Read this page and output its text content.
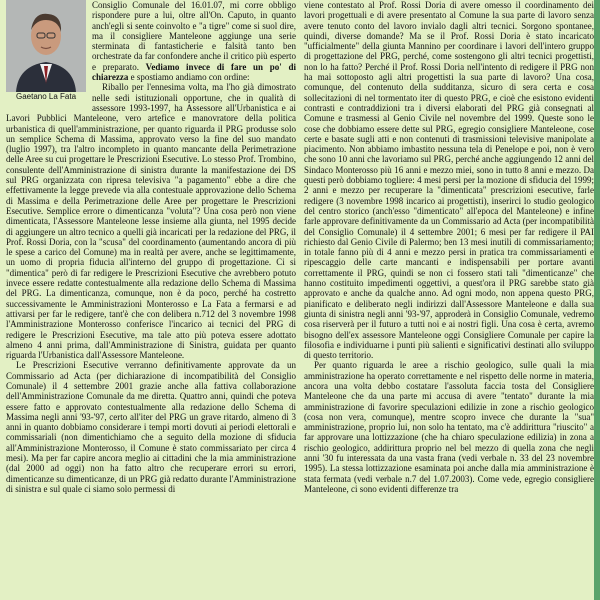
Gaetano La Fata

Consiglio Comunale del 16.01.07, mi corre obbligo rispondere pure a lui, oltre all'On. Caputo, in quanto anch'egli si sente coinvolto e "a tigre" come si suol dire, ma il consigliere Manteleone aggiunge una serie sterminata di fantasticherie e falsità tanto ben orchestrate da far confondere anche il critico più esperto e preparato. Vediamo invece di fare un po' di chiarezza e spostiamo andiamo con ordine:

Riballo per l'ennesima volta, ma l'ho già dimostrato nelle sedi istituzionali opportune, che in qualità di assessore 1993-1997, ha Assessore all'Urbanistica e ai Lavori Pubblici Manteleone, vero artefice e manovratore della politica urbanistica di quell'amministrazione, per quanto riguarda il PRG produsse solo un semplice Schema di Massima, approvato verso la fine del suo mandato (luglio 1997), tra l'altro incompleto in quanto mancante della Perimetrazione delle Aree su cui progettare le Prescrizioni Esecutive. Lo stesso Prof. Trombino, consulente dell'Amministrazione di sinistra durante la manifestazione dei DS sul PRG organizzata con ripresa televisiva "a pagamento" ebbe a dire che effettivamente la legge prevede via alla contestuale approvazione dello Schema di Massima e della Perimetrazione delle Aree per progettare le Prescrizioni Esecutive. Semplice errore o dimenticanza "voluta"? Una cosa però non viene dimenticata, l'Assessore Manteleone lesse insieme alla giunta, nel 1995 decide di aggiungere un altro tecnico a quelli già incaricati per la redazione del PRG, il Prof. Rossi Doria, con la "scusa" del coordinamento (aumentando ancora di più le spese a carico del Comune) ma in realtà per avere, anche se legittimamente, un uomo di propria fiducia all'interno del gruppo di progettazione. Ci si "dimentica" però di far redigere le Prescrizioni Esecutive che avrebbero potuto invece essere redatte contestualmente alla redazione dello Schema di Massima del PRG. La dimenticanza, comunque, non è da poco, perché ha costretto successivamente le Amministrazioni Monterosso e La Fata a fermarsi e ad attivarsi per far le redigere, tant'è che con delibera n.712 del 3 novembre 1998 l'Amministrazione Monterosso conferisce l'incarico ai tecnici del PRG di redigere le Prescrizioni Esecutive, ma tale atto più poteva essere adottato almeno 4 anni prima, dall'Amministrazione di Sinistra, guidata per quanto riguarda l'Urbanistica dall'Assessore Manteleone.

Le Prescrizioni Esecutive verranno definitivamente approvate da un Commissario ad Acta (per dichiarazione di incompatibilità del Consiglio Comunale) il 4 settembre 2001 grazie anche alla fattiva collaborazione dell'Amministrazione Comunale da me diretta. Quattro anni, quindi che poteva essere fatto e approvato contestualmente alla redazione dello Schema di Massima negli anni '93-'97, certo all'iter del PRG un grave ritardo, almeno di 3 anni in quanto dobbiamo considerare i tempi morti dovuti ai periodi elettorali e commissariali (non dimentichiamo che a seguito della mozione di sfiducia all'Amministrazione Monterosso, il Comune è stato commissariato per circa 4 mesi). Ma per far capire ancora meglio ai cittadini che la mia amministrazione (dal 2000 ad oggi) non ha fatto altro che recuperare errori su errori, dimenticanze su dimenticanze, di un PRG già redatto durante l'Amministrazione di sinistra e sul quale ci siamo solo permessi di

viene contestato al Prof. Rossi Doria di avere omesso il coordinamento dei lavori progettuali e di avere presentato al Comune la sua parte di lavoro senza avere tenuto conto del lavoro invialo dagli altri tecnici. Sorgono spontanee, quindi, diverse domande? Ma se il Prof. Rossi Doria è stato incaricato "ufficialmente" della giunta Mannino per coordinare i lavori dell'intero gruppo di progettazione del PRG, perché, come sostengono gli altri tecnici progettisti, non lo ha fatto? Perché il Prof. Rossi Doria nell'intento di redigere il PRG non ha mai sottoposto agli altri progettisti la sua parte di lavoro? Una cosa, comunque, del contenuto della sudditanza, sicuro di sera certa e cosa sollecitazioni di nel tormentato iter di questo PRG, e cioè che esistono evidenti contrasti e contraddizioni tra i diversi elaborati del PRG già consegnati al Comune e trasmessi al Genio Civile nel novembre del 1999. Queste sono le cose che dobbiamo essere dette sul PRG, egregio consigliere Manteleone, cose certe e basate sugli atti e non contenuti di trasmissioni televisive manipolate a piacimento. Non abbiamo imbastito nessuna tela di Penelope e poi, non è vero che sono 10 anni che lavoriamo sul PRG, perché anche aggiungendo 12 anni del Sindaco Monterosso più 16 anni e mezzo miei, sono in tutto 8 anni e mezzo. Da questi però dobbiamo togliere: 4 mesi persi per la mozione di sfiducia del 1999; 2 anni e mezzo per recuperare la "dimenticata" prescrizioni esecutive, farle redigere (3 novembre 1998 incarico ai progettisti), inserirci lo studio geologico del centro storico (anch'esso "dimenticato" all'epoca del Manteleone) e infine farle approvare definitivamente da un Commissario ad Acta (per incompatibilità del Consiglio Comunale) il 4 settembre 2001; 6 mesi per far redigere il PAI richiesto dal Genio Civile di Palermo; ben 13 mesi inutili di commissariamento; in totale fanno più di 4 anni e mezzo persi in pratica tra commissariamenti e ripescaggio delle carte mancanti e indispensabili per portare avanti correttamente il PRG, quindi se non ci fossero stati tali "dimenticanze" che hanno costituito impedimenti oggettivi, a quest'ora il PRG sarebbe stato già approvato e anche da qualche anno. Ad ogni modo, non appena questo PRG, pianificato e deliberato negli indirizzi dall'Assessore Manteleone e dalla sua giunta di sinistra negli anni '93-'97, approderà in Consiglio Comunale, vedremo cosa riserverà per il futuro a tutti noi e ai nostri figli. Una cosa è certa, avremo bisogno dell'ex assessore Manteleone oggi Consigliere Comunale per capire la filosofia e individuarne i punti più salienti e significativi destinati allo sviluppo di questo territorio.

Per quanto riguarda le aree a rischio geologico, sulle quali la mia amministrazione ha operato correttamente e nel rispetto delle norme in materia, ancora una volta debbo costatare l'assoluta faccia tosta del Consigliere Manteleone che da una parte mi accusa di avere "tentato" durante la mia amministrazione di favorire speculazioni edilizie in zone a rischio geologico (cosa non vera, comunque), mentre scopro invece che durante la "sua" amministrazione, proprio lui, non solo ha tentato, ma c'è addirittura "riuscito" a far approvare una lottizzazione (che ha chiaro speculazione edilizia) in zona a rischio geologico, addirittura proprio nel bel mezzo di quella zona che negli anni '30 fu interessata da una vasta frana (vedi verbale n. 33 del 23 novembre 1995). La stessa lottizzazione esaminata poi anche dalla mia amministrazione è stata fermata (vedi verbale n.7 del 1.07.2003). Come vede, egregio consigliere Manteleone, ci sono evidenti differenze tra
